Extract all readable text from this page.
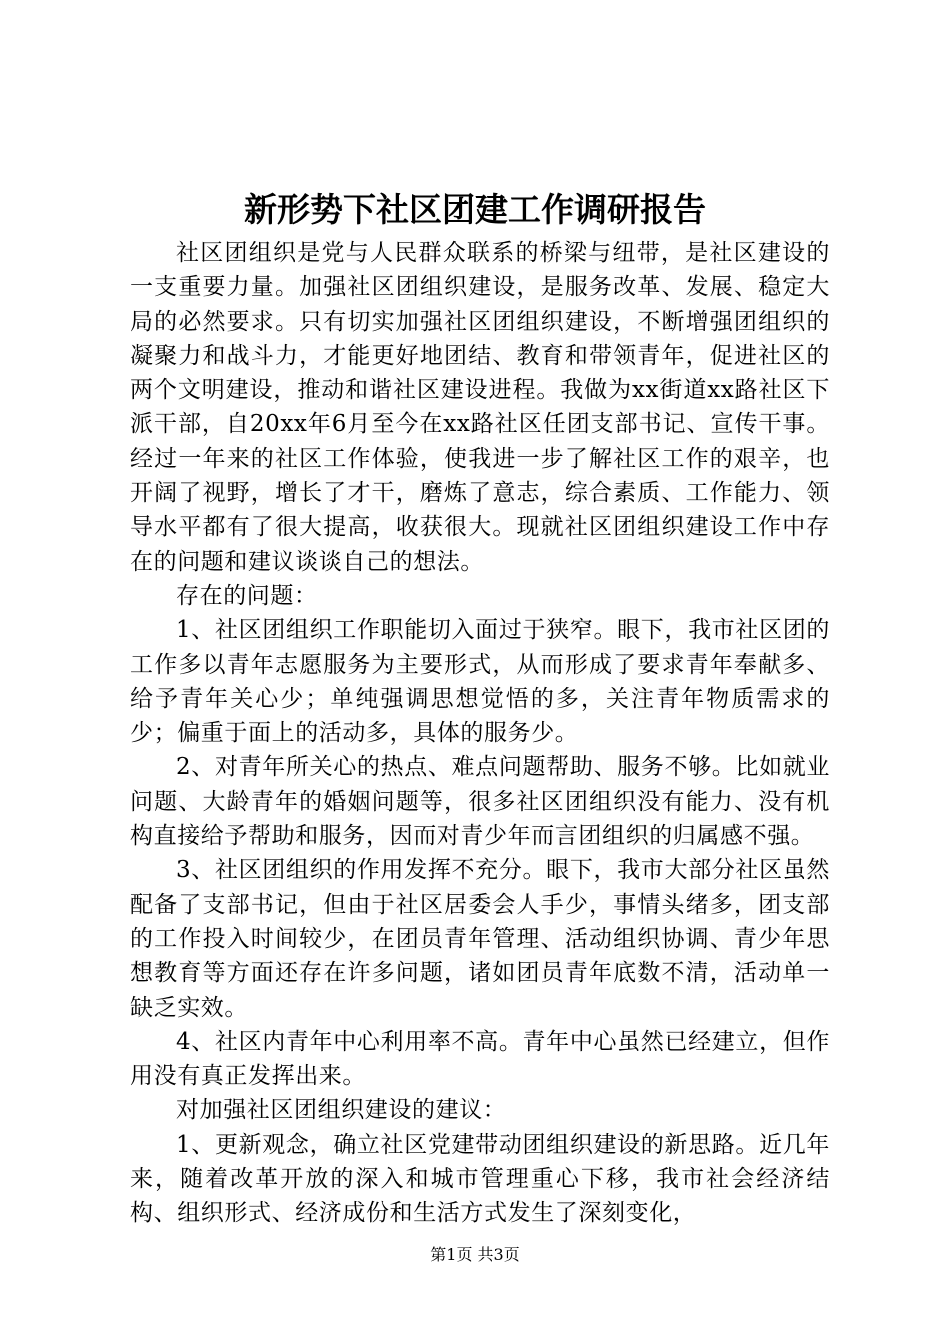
新形势下社区团建工作调研报告

社区团组织是党与人民群众联系的桥梁与纽带，是社区建设的一支重要力量。加强社区团组织建设，是服务改革、发展、稳定大局的必然要求。只有切实加强社区团组织建设，不断增强团组织的凝聚力和战斗力，才能更好地团结、教育和带领青年，促进社区的两个文明建设，推动和谐社区建设进程。我做为xx街道xx路社区下派干部，自20xx年6月至今在xx路社区任团支部书记、宣传干事。经过一年来的社区工作体验，使我进一步了解社区工作的艰辛，也开阔了视野，增长了才干，磨炼了意志，综合素质、工作能力、领导水平都有了很大提高，收获很大。现就社区团组织建设工作中存在的问题和建议谈谈自己的想法。

存在的问题：

1、社区团组织工作职能切入面过于狭窄。眼下，我市社区团的工作多以青年志愿服务为主要形式，从而形成了要求青年奉献多、给予青年关心少；单纯强调思想觉悟的多，关注青年物质需求的少；偏重于面上的活动多，具体的服务少。

2、对青年所关心的热点、难点问题帮助、服务不够。比如就业问题、大龄青年的婚姻问题等，很多社区团组织没有能力、没有机构直接给予帮助和服务，因而对青少年而言团组织的归属感不强。

3、社区团组织的作用发挥不充分。眼下，我市大部分社区虽然配备了支部书记，但由于社区居委会人手少，事情头绪多，团支部的工作投入时间较少，在团员青年管理、活动组织协调、青少年思想教育等方面还存在许多问题，诸如团员青年底数不清，活动单一缺乏实效。

4、社区内青年中心利用率不高。青年中心虽然已经建立，但作用没有真正发挥出来。

对加强社区团组织建设的建议：

1、更新观念，确立社区党建带动团组织建设的新思路。近几年来，随着改革开放的深入和城市管理重心下移，我市社会经济结构、组织形式、经济成份和生活方式发生了深刻变化，

第1页 共3页
